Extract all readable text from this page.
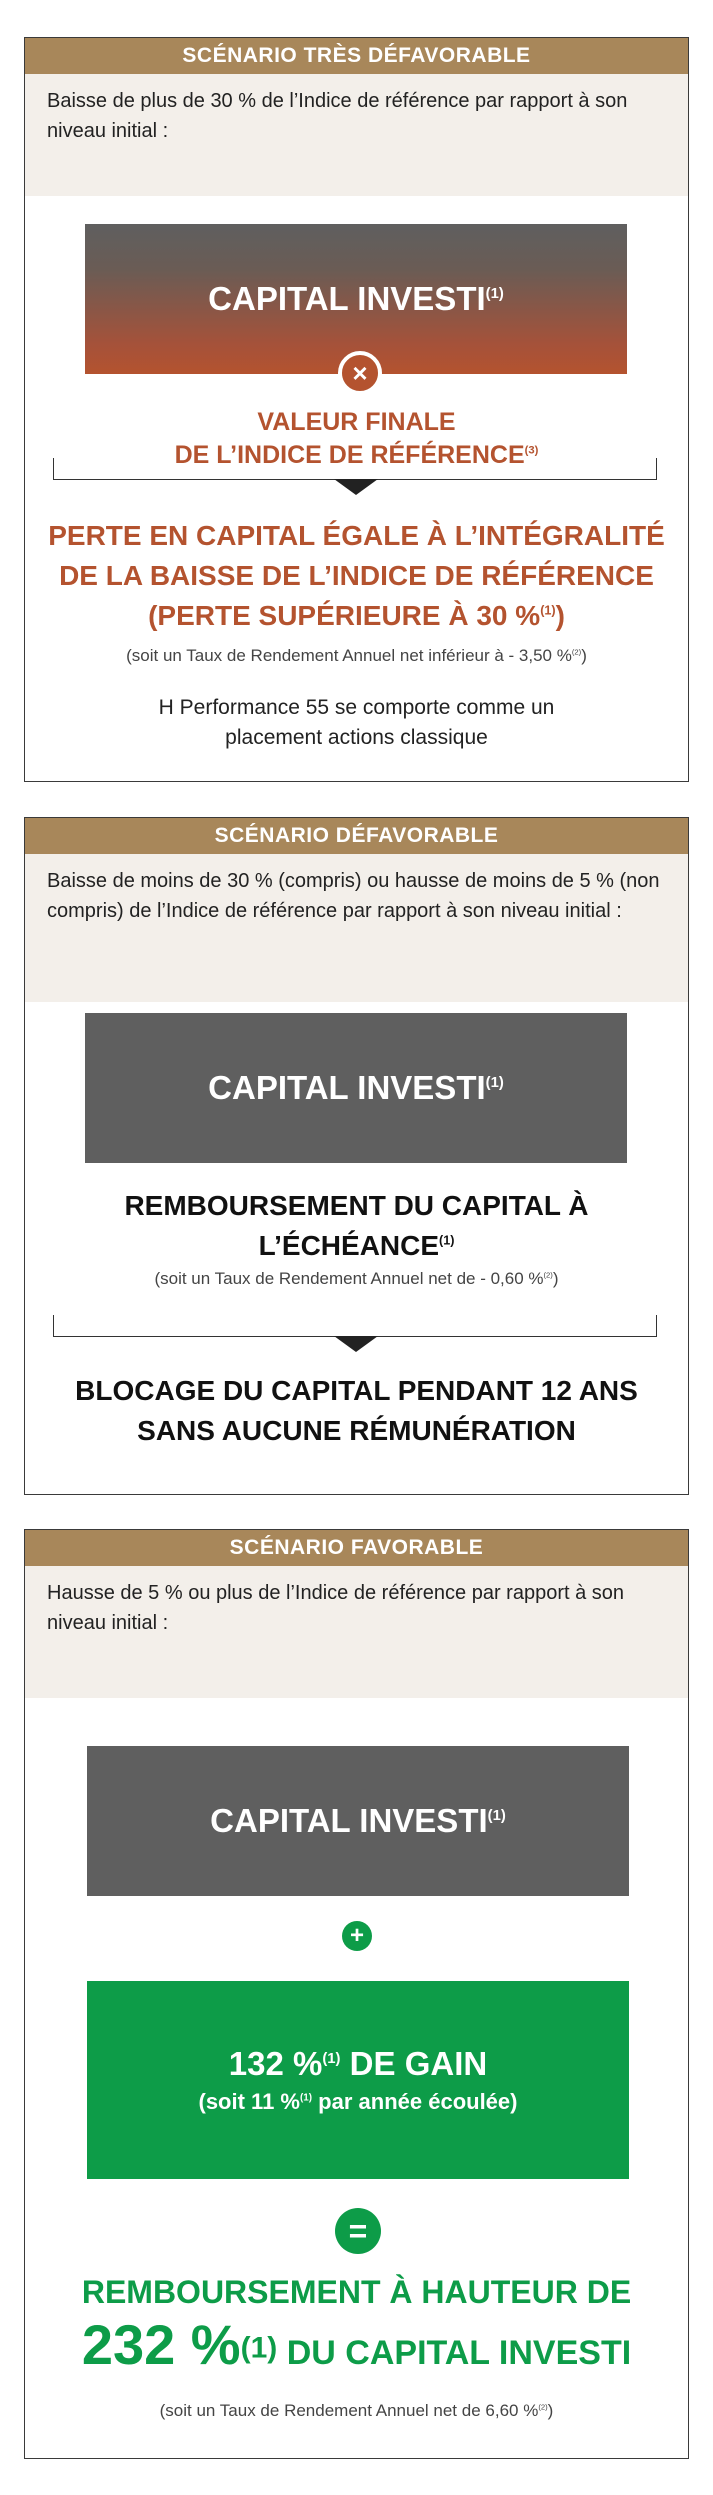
SCÉNARIO TRÈS DÉFAVORABLE
Baisse de plus de 30 % de l’Indice de référence par rapport à son niveau initial :
CAPITAL $INVESTI^{(1)}$
×
VALEUR FINALE
DE L’INDICE DE RÉFÉRENCE$^{(3)}$
PERTE EN CAPITAL ÉGALE À L’INTÉGRALITÉ
DE LA BAISSE DE L’INDICE DE RÉFÉRENCE
(PERTE SUPÉRIEURE À 30 %$^{(1)}$)
(soit un Taux de Rendement Annuel net inférieur à - 3,50 %$^{(2)}$)
H Performance 55 se comporte comme un
placement actions classique
SCÉNARIO DÉFAVORABLE
Baisse de moins de 30 % (compris) ou hausse de moins de 5 % (non compris) de l’Indice de référence par rapport à son niveau initial :
CAPITAL INVESTI$^{(1)}$
REMBOURSEMENT DU CAPITAL À
L’ÉCHÉANCE$^{(1)}$
(soit un Taux de Rendement Annuel net de - 0,60 %$^{(2)}$)
BLOCAGE DU CAPITAL PENDANT 12 ANS
SANS AUCUNE RÉMUNÉRATION
SCÉNARIO FAVORABLE
Hausse de 5 % ou plus de l’Indice de référence par rapport à son niveau initial :
CAPITAL $INVESTI^{(1)}$
+
132 %$^{(1)}$ DE GAIN
(soit 11 %$^{(1)}$ par année écoulée)
=
REMBOURSEMENT À HAUTEUR DE
232 %$^{(1)}$ DU CAPITAL INVESTI
(soit un Taux de Rendement Annuel net de 6,60 %$^{(2)}$)
